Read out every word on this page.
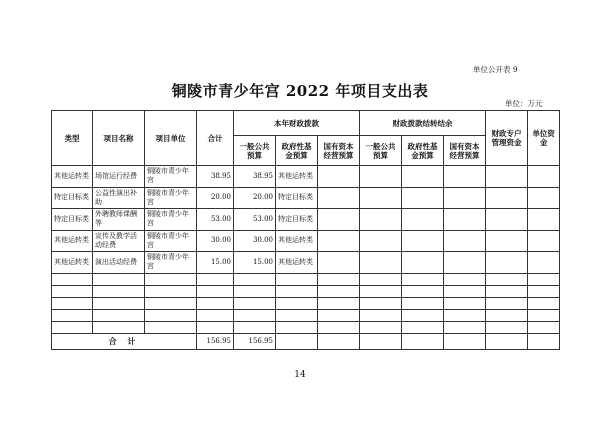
单位公开表 9
铜陵市青少年宫 2022 年项目支出表
单位：万元
类型	项目名称	项目单位	合计	本年财政拨款			财政拨款结转结余			财政专户管理资金	单位资金
				一般公共预算	政府性基金预算	国有资本经营预算	一般公共预算	政府性基金预算	国有资本经营预算		
其他运转类	场馆运行经费	铜陵市青少年宫	38.95	38.95	其他运转类						
特定目标类	公益性演出补助	铜陵市青少年宫	20.00	20.00	特定目标类						
特定目标类	外聘教师课酬等	铜陵市青少年宫	53.00	53.00	特定目标类						
其他运转类	宣传及教学活动经费	铜陵市青少年宫	30.00	30.00	其他运转类						
其他运转类	演出活动经费	铜陵市青少年宫	15.00	15.00	其他运转类						

合 计			156.95	156.95							
14
